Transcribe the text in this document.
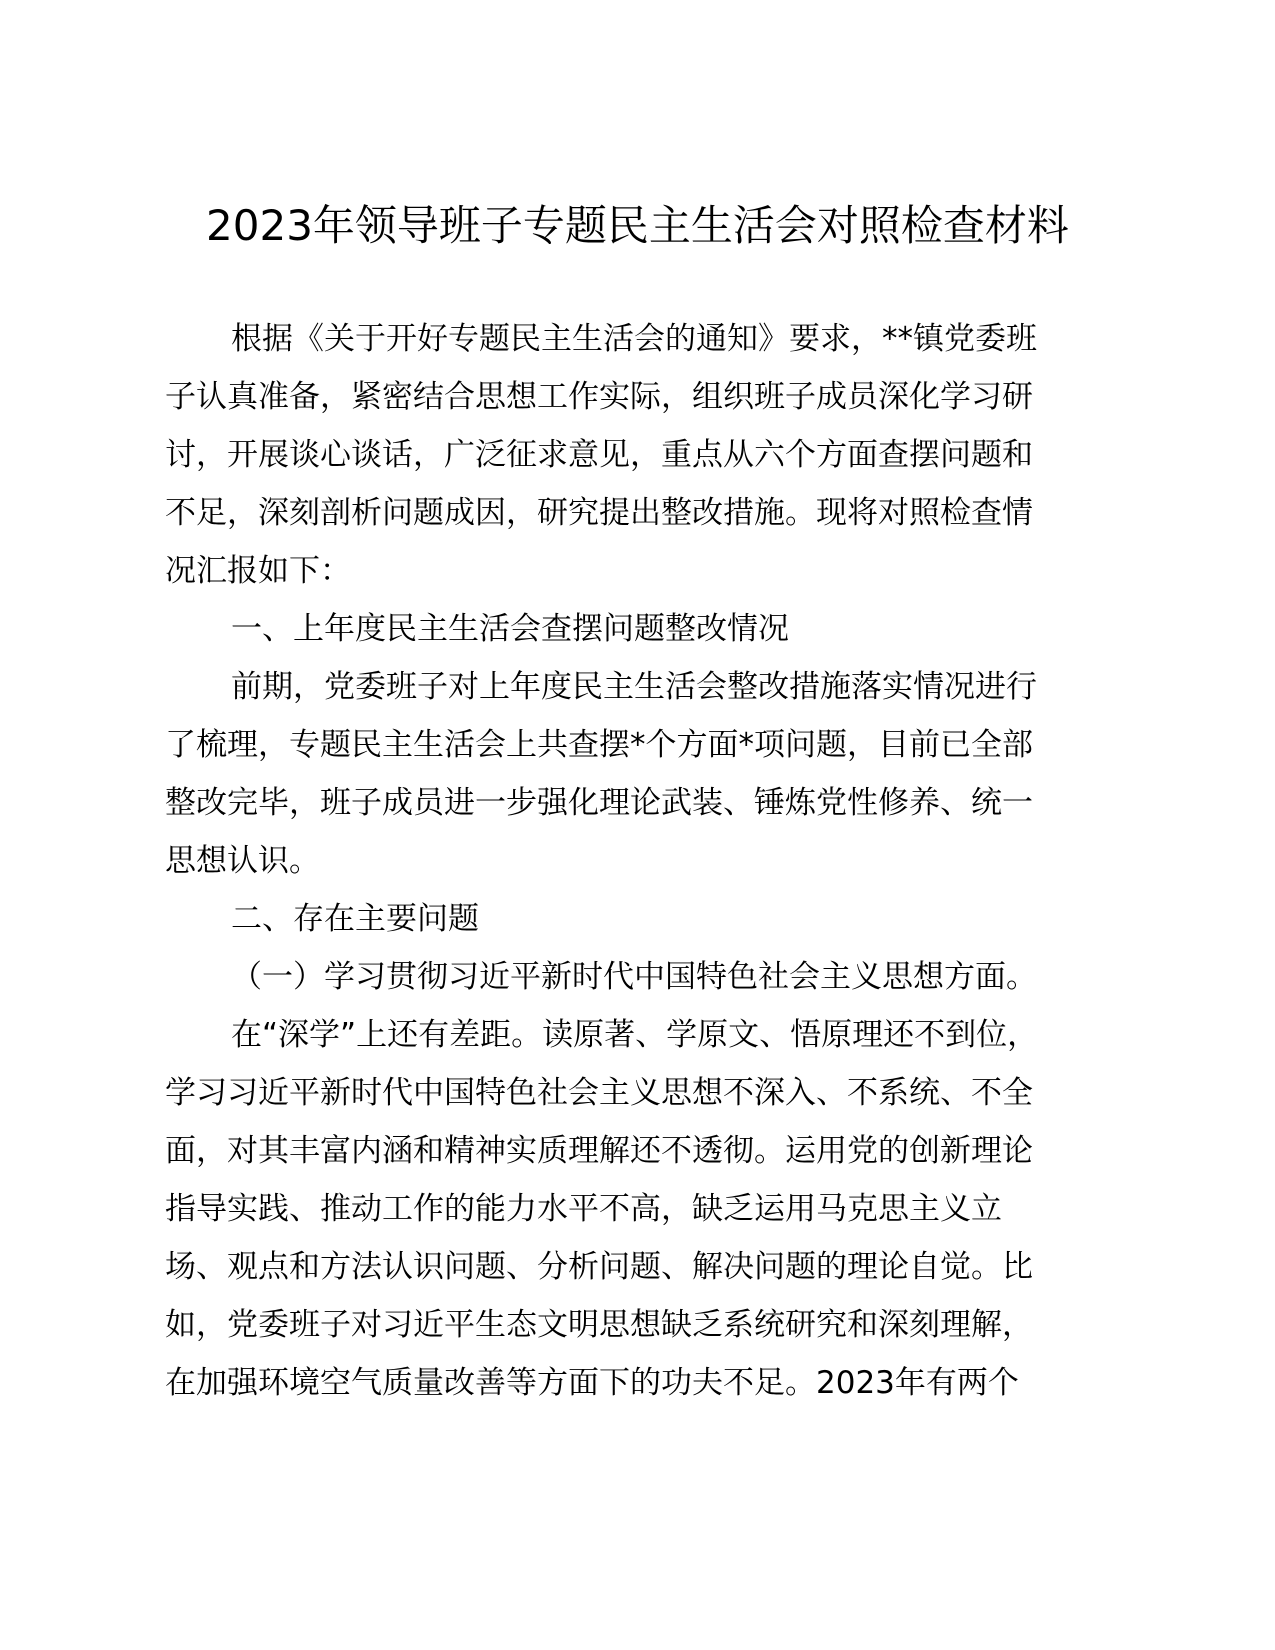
2023年领导班子专题民主生活会对照检查材料
根据《关于开好专题民主生活会的通知》要求，**镇党委班
子认真准备，紧密结合思想工作实际，组织班子成员深化学习研
讨，开展谈心谈话，广泛征求意见，重点从六个方面查摆问题和
不足，深刻剖析问题成因，研究提出整改措施。现将对照检查情
况汇报如下：
一、上年度民主生活会查摆问题整改情况
前期，党委班子对上年度民主生活会整改措施落实情况进行
了梳理，专题民主生活会上共查摆*个方面*项问题，目前已全部
整改完毕，班子成员进一步强化理论武装、锤炼党性修养、统一
思想认识。
二、存在主要问题
（一）学习贯彻习近平新时代中国特色社会主义思想方面。
在“深学”上还有差距。读原著、学原文、悟原理还不到位，
学习习近平新时代中国特色社会主义思想不深入、不系统、不全
面，对其丰富内涵和精神实质理解还不透彻。运用党的创新理论
指导实践、推动工作的能力水平不高，缺乏运用马克思主义立
场、观点和方法认识问题、分析问题、解决问题的理论自觉。比
如，党委班子对习近平生态文明思想缺乏系统研究和深刻理解，
在加强环境空气质量改善等方面下的功夫不足。2023年有两个
